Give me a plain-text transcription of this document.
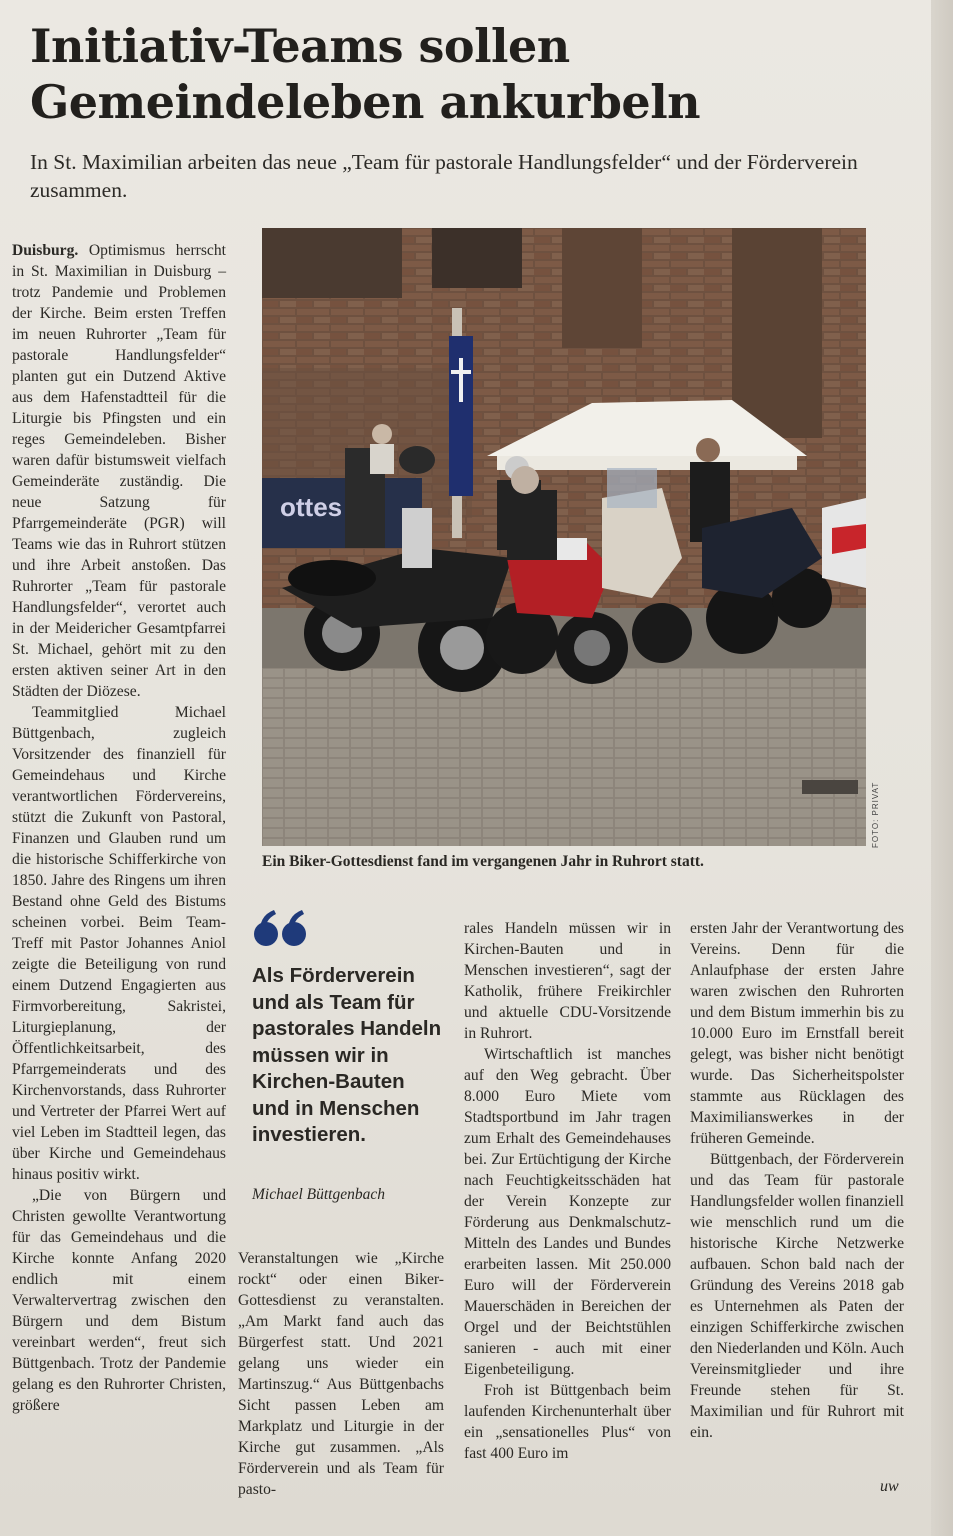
Initiativ-Teams sollen Gemeindeleben ankurbeln

In St. Maximilian arbeiten das neue „Team für pastorale Handlungsfelder“ und der Förderverein zusammen.

Duisburg. Optimismus herrscht in St. Maximilian in Duisburg – trotz Pandemie und Problemen der Kirche. Beim ersten Treffen im neuen Ruhrorter „Team für pastorale Handlungsfelder“ planten gut ein Dutzend Aktive aus dem Hafenstadtteil für die Liturgie bis Pfingsten und ein reges Gemeindeleben. Bisher waren dafür bistumsweit vielfach Gemeinderäte zuständig. Die neue Satzung für Pfarrgemeinderäte (PGR) will Teams wie das in Ruhrort stützen und ihre Arbeit anstoßen. Das Ruhrorter „Team für pastorale Handlungsfelder“, verortet auch in der Meidericher Gesamtpfarrei St. Michael, gehört mit zu den ersten aktiven seiner Art in den Städten der Diözese.

Teammitglied Michael Büttgenbach, zugleich Vorsitzender des finanziell für Gemeindehaus und Kirche verantwortlichen Fördervereins, stützt die Zukunft von Pastoral, Finanzen und Glauben rund um die historische Schifferkirche von 1850. Jahre des Ringens um ihren Bestand ohne Geld des Bistums scheinen vorbei. Beim Team-Treff mit Pastor Johannes Aniol zeigte die Beteiligung von rund einem Dutzend Engagierten aus Firmvorbereitung, Sakristei, Liturgieplanung, der Öffentlichkeitsarbeit, des Pfarrgemeinderats und des Kirchenvorstands, dass Ruhrorter und Vertreter der Pfarrei Wert auf viel Leben im Stadtteil legen, das über Kirche und Gemeindehaus hinaus positiv wirkt.

„Die von Bürgern und Christen gewollte Verantwortung für das Gemeindehaus und die Kirche konnte Anfang 2020 endlich mit einem Verwaltervertrag zwischen den Bürgern und dem Bistum vereinbart werden“, freut sich Büttgenbach. Trotz der Pandemie gelang es den Ruhrorter Christen, größere

ottes
FOTO: PRIVAT

Ein Biker-Gottesdienst fand im vergangenen Jahr in Ruhrort statt.

Als Förderverein und als Team für pastorales Handeln müssen wir in Kirchen-Bauten und in Menschen investieren.

Michael Büttgenbach

Veranstaltungen wie „Kirche rockt“ oder einen Biker-Gottesdienst zu veranstalten. „Am Markt fand auch das Bürgerfest statt. Und 2021 gelang uns wieder ein Martinszug.“ Aus Büttgenbachs Sicht passen Leben am Markplatz und Liturgie in der Kirche gut zusammen. „Als Förderverein und als Team für pasto-

rales Handeln müssen wir in Kirchen-Bauten und in Menschen investieren“, sagt der Katholik, frühere Freikirchler und aktuelle CDU-Vorsitzende in Ruhrort.

Wirtschaftlich ist manches auf den Weg gebracht. Über 8.000 Euro Miete vom Stadtsportbund im Jahr tragen zum Erhalt des Gemeindehauses bei. Zur Ertüchtigung der Kirche nach Feuchtigkeitsschäden hat der Verein Konzepte zur Förderung aus Denkmalschutz-Mitteln des Landes und Bundes erarbeiten lassen. Mit 250.000 Euro will der Förderverein Mauerschäden in Bereichen der Orgel und der Beichtstühlen sanieren - auch mit einer Eigenbeteiligung.

Froh ist Büttgenbach beim laufenden Kirchenunterhalt über ein „sensationelles Plus“ von fast 400 Euro im

ersten Jahr der Verantwortung des Vereins. Denn für die Anlaufphase der ersten Jahre waren zwischen den Ruhrorten und dem Bistum immerhin bis zu 10.000 Euro im Ernstfall bereit gelegt, was bisher nicht benötigt wurde. Das Sicherheitspolster stammte aus Rücklagen des Maximilianswerkes in der früheren Gemeinde.

Büttgenbach, der Förderverein und das Team für pastorale Handlungsfelder wollen finanziell wie menschlich rund um die historische Kirche Netzwerke aufbauen. Schon bald nach der Gründung des Vereins 2018 gab es Unternehmen als Paten der einzigen Schifferkirche zwischen den Niederlanden und Köln. Auch Vereinsmitglieder und ihre Freunde stehen für St. Maximilian und für Ruhrort mit ein.

uw
